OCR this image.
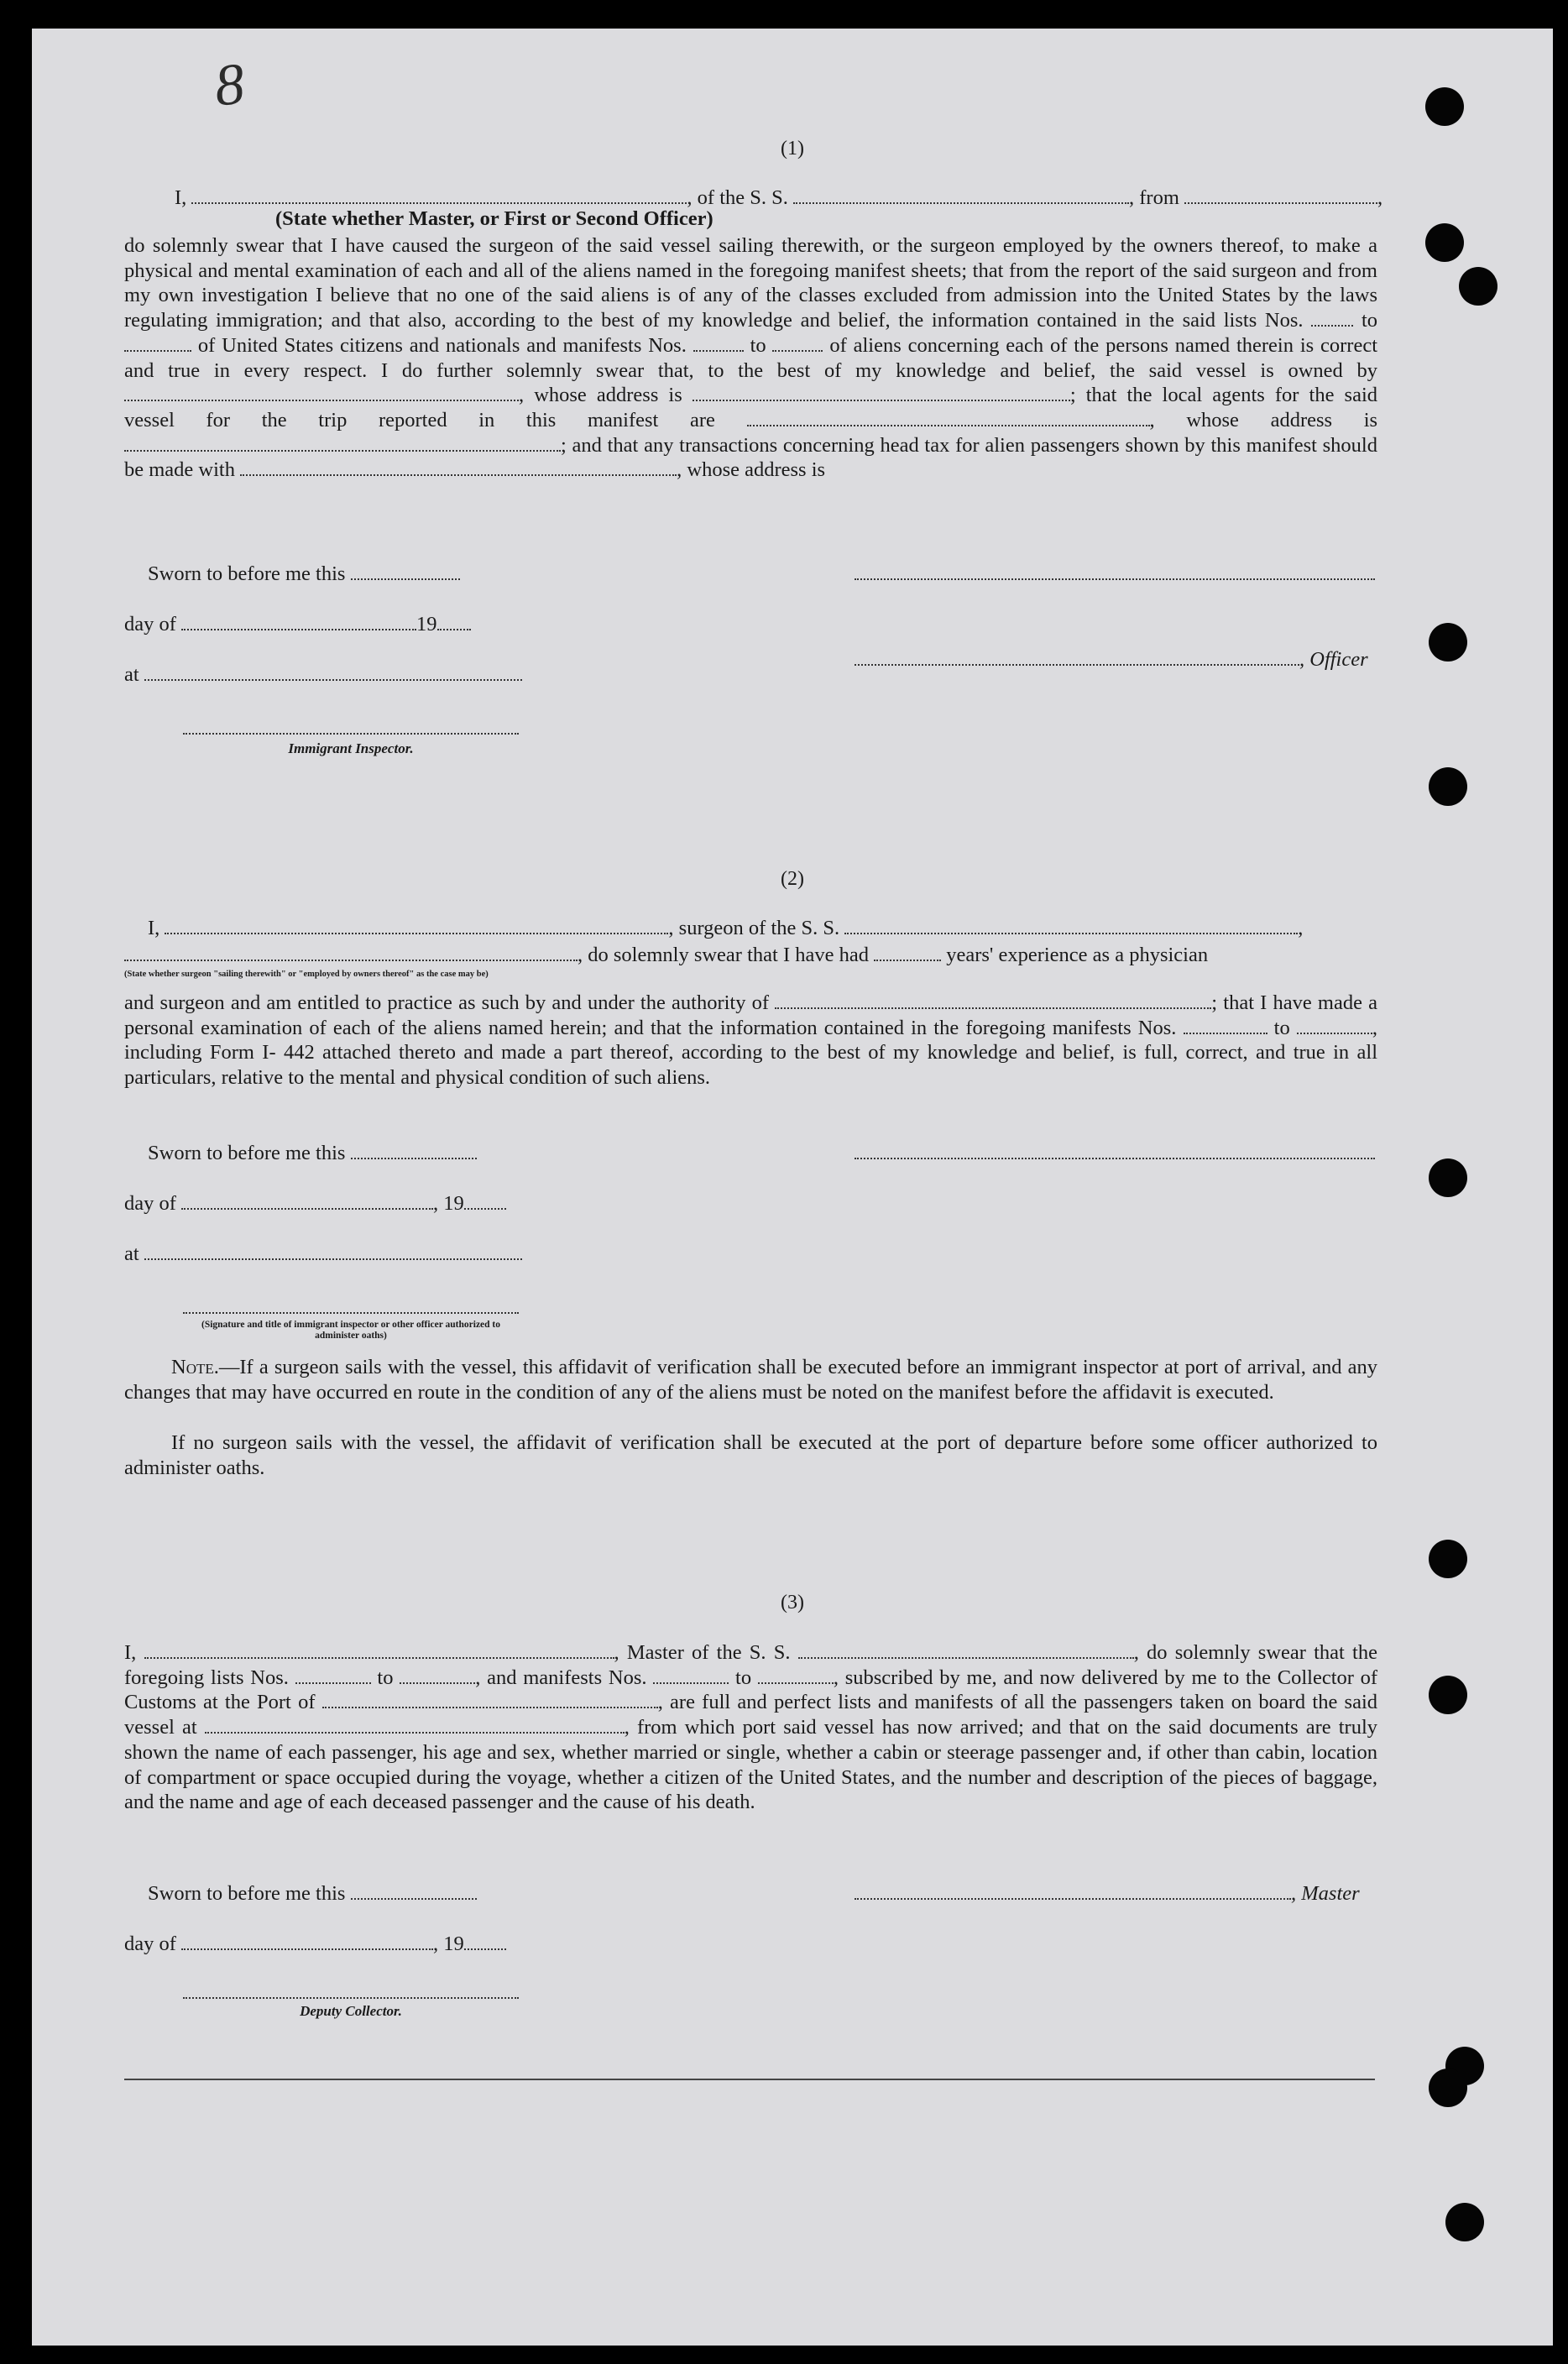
8
(1)
I,	, of the S. S.	, from	,
(State whether Master, or First or Second Officer)
do solemnly swear that I have caused the surgeon of the said vessel sailing therewith, or the surgeon employed by the owners thereof, to make a physical and mental examination of each and all of the aliens named in the foregoing manifest sheets; that from the report of the said surgeon and from my own investigation I believe that no one of the said aliens is of any of the classes excluded from admission into the United States by the laws regulating immigration; and that also, according to the best of my knowledge and belief, the information contained in the said lists Nos.	to  of United States citizens and nationals and manifests Nos.	to	of aliens concerning each of the persons named therein is correct and true in every respect. I do further solemnly swear that, to the best of my knowledge and belief, the said vessel is owned by , whose address is	; that the local agents for the said vessel for the trip reported in this manifest are	, whose address is ; and that any transactions concerning head tax for alien passengers shown by this manifest should be made with	, whose address is
Sworn to before me this
day of	19
, Officer
at
Immigrant Inspector.
(2)
I,	, surgeon of the S. S.	,
, do solemnly swear that I have had	years' experience as a physician
(State whether surgeon "sailing therewith" or "employed by owners thereof" as the case may be)
and surgeon and am entitled to practice as such by and under the authority of	; that I have made a personal examination of each of the aliens named herein; and that the information contained in the foregoing manifests Nos.	to	, including Form I- 442 attached thereto and made a part thereof, according to the best of my knowledge and belief, is full, correct, and true in all particulars, relative to the mental and physical condition of such aliens.
Sworn to before me this
day of	, 19
at
(Signature and title of immigrant inspector or other officer authorized to administer oaths)
Note.—If a surgeon sails with the vessel, this affidavit of verification shall be executed before an immigrant inspector at port of arrival, and any changes that may have occurred en route in the condition of any of the aliens must be noted on the manifest before the affidavit is executed.
If no surgeon sails with the vessel, the affidavit of verification shall be executed at the port of departure before some officer authorized to administer oaths.
(3)
I,	, Master of the S. S.	, do solemnly swear that the foregoing lists Nos.	to	, and manifests Nos.	to	, subscribed by me, and now delivered by me to the Collector of Customs at the Port of	, are full and perfect lists and manifests of all the passengers taken on board the said vessel at	, from which port said vessel has now arrived; and that on the said documents are truly shown the name of each passenger, his age and sex, whether married or single, whether a cabin or steerage passenger and, if other than cabin, location of compartment or space occupied during the voyage, whether a citizen of the United States, and the number and description of the pieces of baggage, and the name and age of each deceased passenger and the cause of his death.
Sworn to before me this	, Master
day of	, 19
Deputy Collector.
